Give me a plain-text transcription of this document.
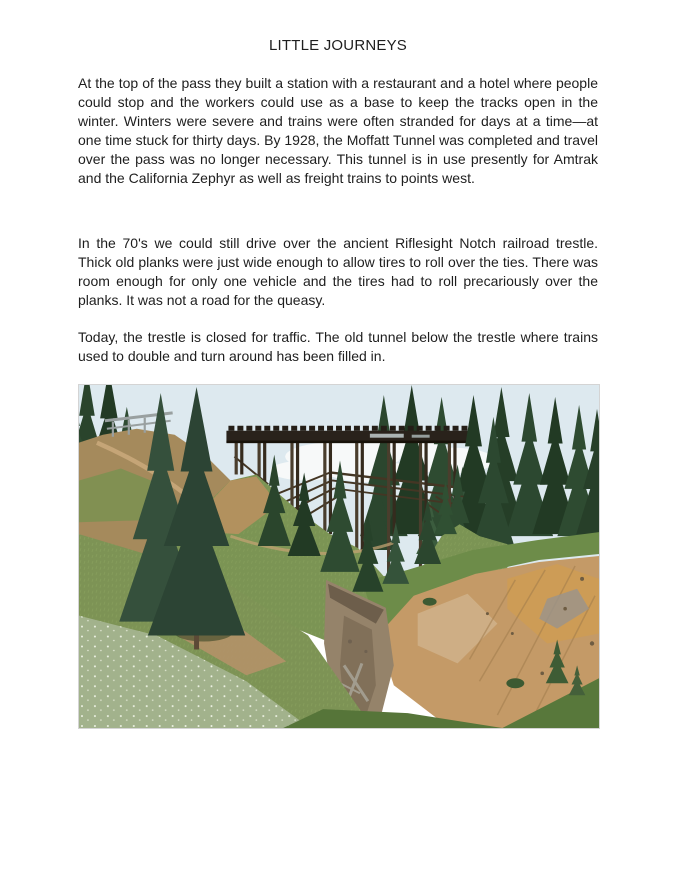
LITTLE JOURNEYS

At the top of the pass they built a station with a restaurant and a hotel where people could stop and the workers could use as a base to keep the tracks open in the winter. Winters were severe and trains were often stranded for days at a time—at one time stuck for thirty days. By 1928, the Moffatt Tunnel was completed and travel over the pass was no longer necessary. This tunnel is in use presently for Amtrak and the California Zephyr as well as freight trains to points west.

In the 70's we could still drive over the ancient Riflesight Notch railroad trestle. Thick old planks were just wide enough to allow tires to roll over the ties. There was room enough for only one vehicle and the tires had to roll precariously over the planks. It was not a road for the queasy.

Today, the trestle is closed for traffic. The old tunnel below the trestle where trains used to double and turn around has been filled in.
